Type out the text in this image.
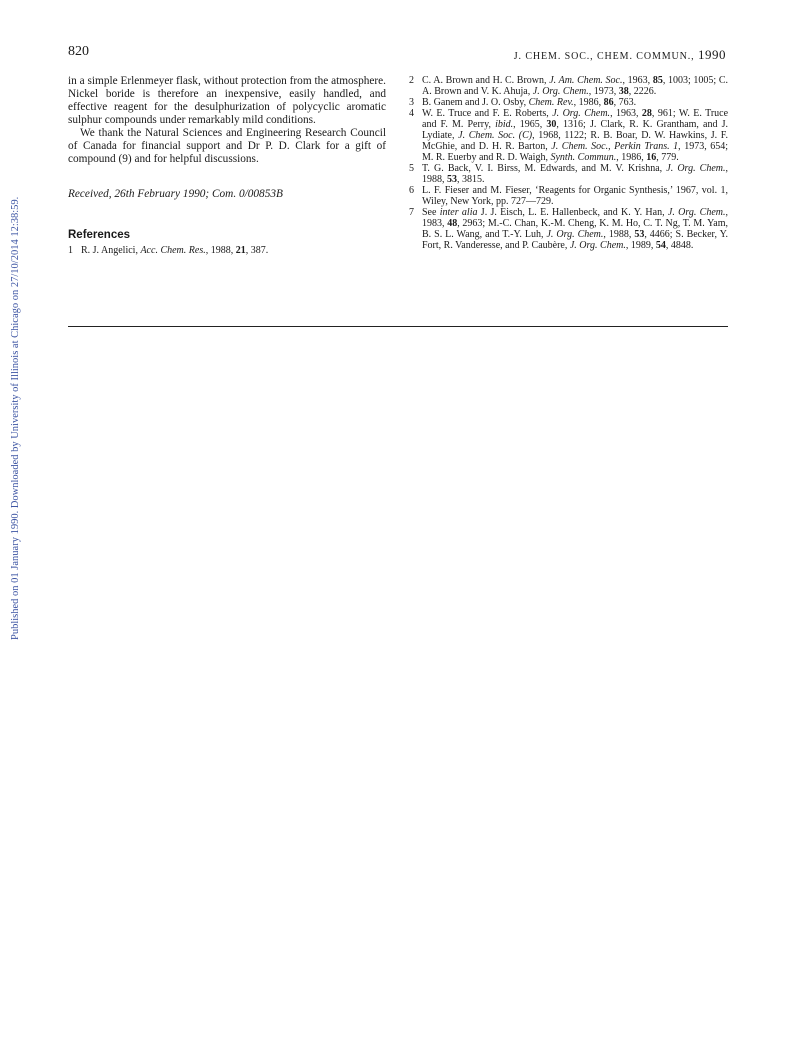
820	J. CHEM. SOC., CHEM. COMMUN., 1990
Published on 01 January 1990. Downloaded by University of Illinois at Chicago on 27/10/2014 12:38:59.

in a simple Erlenmeyer flask, without protection from the atmosphere. Nickel boride is therefore an inexpensive, easily handled, and effective reagent for the desulphurization of polycyclic aromatic sulphur compounds under remarkably mild conditions.

We thank the Natural Sciences and Engineering Research Council of Canada for financial support and Dr P. D. Clark for a gift of compound (9) and for helpful discussions.

Received, 26th February 1990; Com. 0/00853B

References

1 R. J. Angelici, Acc. Chem. Res., 1988, 21, 387.

2 C. A. Brown and H. C. Brown, J. Am. Chem. Soc., 1963, 85, 1003; 1005; C. A. Brown and V. K. Ahuja, J. Org. Chem., 1973, 38, 2226.

3 B. Ganem and J. O. Osby, Chem. Rev., 1986, 86, 763.

4 W. E. Truce and F. E. Roberts, J. Org. Chem., 1963, 28, 961; W. E. Truce and F. M. Perry, ibid., 1965, 30, 1316; J. Clark, R. K. Grantham, and J. Lydiate, J. Chem. Soc. (C), 1968, 1122; R. B. Boar, D. W. Hawkins, J. F. McGhie, and D. H. R. Barton, J. Chem. Soc., Perkin Trans. 1, 1973, 654; M. R. Euerby and R. D. Waigh, Synth. Commun., 1986, 16, 779.

5 T. G. Back, V. I. Birss, M. Edwards, and M. V. Krishna, J. Org. Chem., 1988, 53, 3815.

6 L. F. Fieser and M. Fieser, ‘Reagents for Organic Synthesis,’ 1967, vol. 1, Wiley, New York, pp. 727—729.

7 See inter alia J. J. Eisch, L. E. Hallenbeck, and K. Y. Han, J. Org. Chem., 1983, 48, 2963; M.-C. Chan, K.-M. Cheng, K. M. Ho, C. T. Ng, T. M. Yam, B. S. L. Wang, and T.-Y. Luh, J. Org. Chem., 1988, 53, 4466; S. Becker, Y. Fort, R. Vanderesse, and P. Caubère, J. Org. Chem., 1989, 54, 4848.
